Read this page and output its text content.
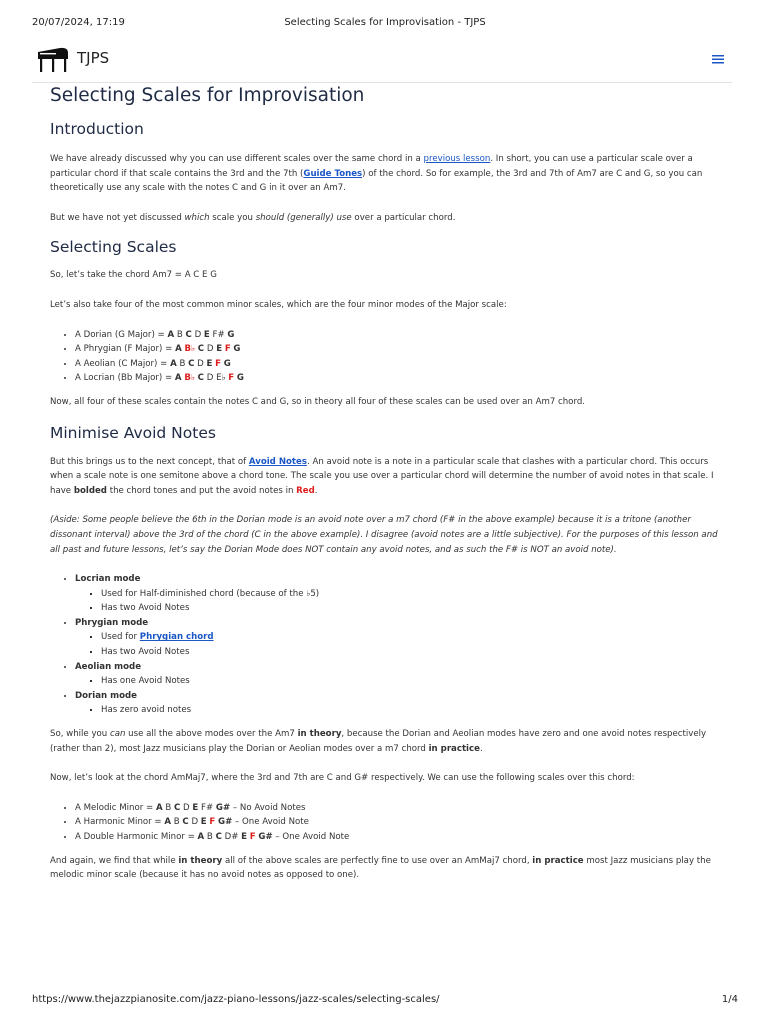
20/07/2024, 17:19	Selecting Scales for Improvisation - TJPS
TJPS
Selecting Scales for Improvisation
Introduction

We have already discussed why you can use different scales over the same chord in a previous lesson. In short, you can use a particular scale over a particular chord if that scale contains the 3rd and the 7th (Guide Tones) of the chord. So for example, the 3rd and 7th of Am7 are C and G, so you can theoretically use any scale with the notes C and G in it over an Am7.

But we have not yet discussed which scale you should (generally) use over a particular chord.

Selecting Scales

So, let’s take the chord Am7 = A C E G

Let’s also take four of the most common minor scales, which are the four minor modes of the Major scale:

• A Dorian (G Major) = A B C D E F# G
• A Phrygian (F Major) = A B♭ C D E F G
• A Aeolian (C Major) = A B C D E F G
• A Locrian (Bb Major) = A B♭ C D E♭ F G

Now, all four of these scales contain the notes C and G, so in theory all four of these scales can be used over an Am7 chord.

Minimise Avoid Notes

But this brings us to the next concept, that of Avoid Notes. An avoid note is a note in a particular scale that clashes with a particular chord. This occurs when a scale note is one semitone above a chord tone. The scale you use over a particular chord will determine the number of avoid notes in that scale. I have bolded the chord tones and put the avoid notes in Red.

(Aside: Some people believe the 6th in the Dorian mode is an avoid note over a m7 chord (F# in the above example) because it is a tritone (another dissonant interval) above the 3rd of the chord (C in the above example). I disagree (avoid notes are a little subjective). For the purposes of this lesson and all past and future lessons, let’s say the Dorian Mode does NOT contain any avoid notes, and as such the F# is NOT an avoid note).

• Locrian mode
▪ Used for Half-diminished chord (because of the ♭5)
▪ Has two Avoid Notes
• Phrygian mode
▪ Used for Phrygian chord
▪ Has two Avoid Notes
• Aeolian mode
▪ Has one Avoid Notes
• Dorian mode
▪ Has zero avoid notes

So, while you can use all the above modes over the Am7 in theory, because the Dorian and Aeolian modes have zero and one avoid notes respectively (rather than 2), most Jazz musicians play the Dorian or Aeolian modes over a m7 chord in practice.

Now, let’s look at the chord AmMaj7, where the 3rd and 7th are C and G# respectively. We can use the following scales over this chord:

• A Melodic Minor = A B C D E F# G# – No Avoid Notes
• A Harmonic Minor = A B C D E F G# – One Avoid Note
• A Double Harmonic Minor = A B C D# E F G# – One Avoid Note

And again, we find that while in theory all of the above scales are perfectly fine to use over an AmMaj7 chord, in practice most Jazz musicians play the melodic minor scale (because it has no avoid notes as opposed to one).

https://www.thejazzpianosite.com/jazz-piano-lessons/jazz-scales/selecting-scales/	1/4
